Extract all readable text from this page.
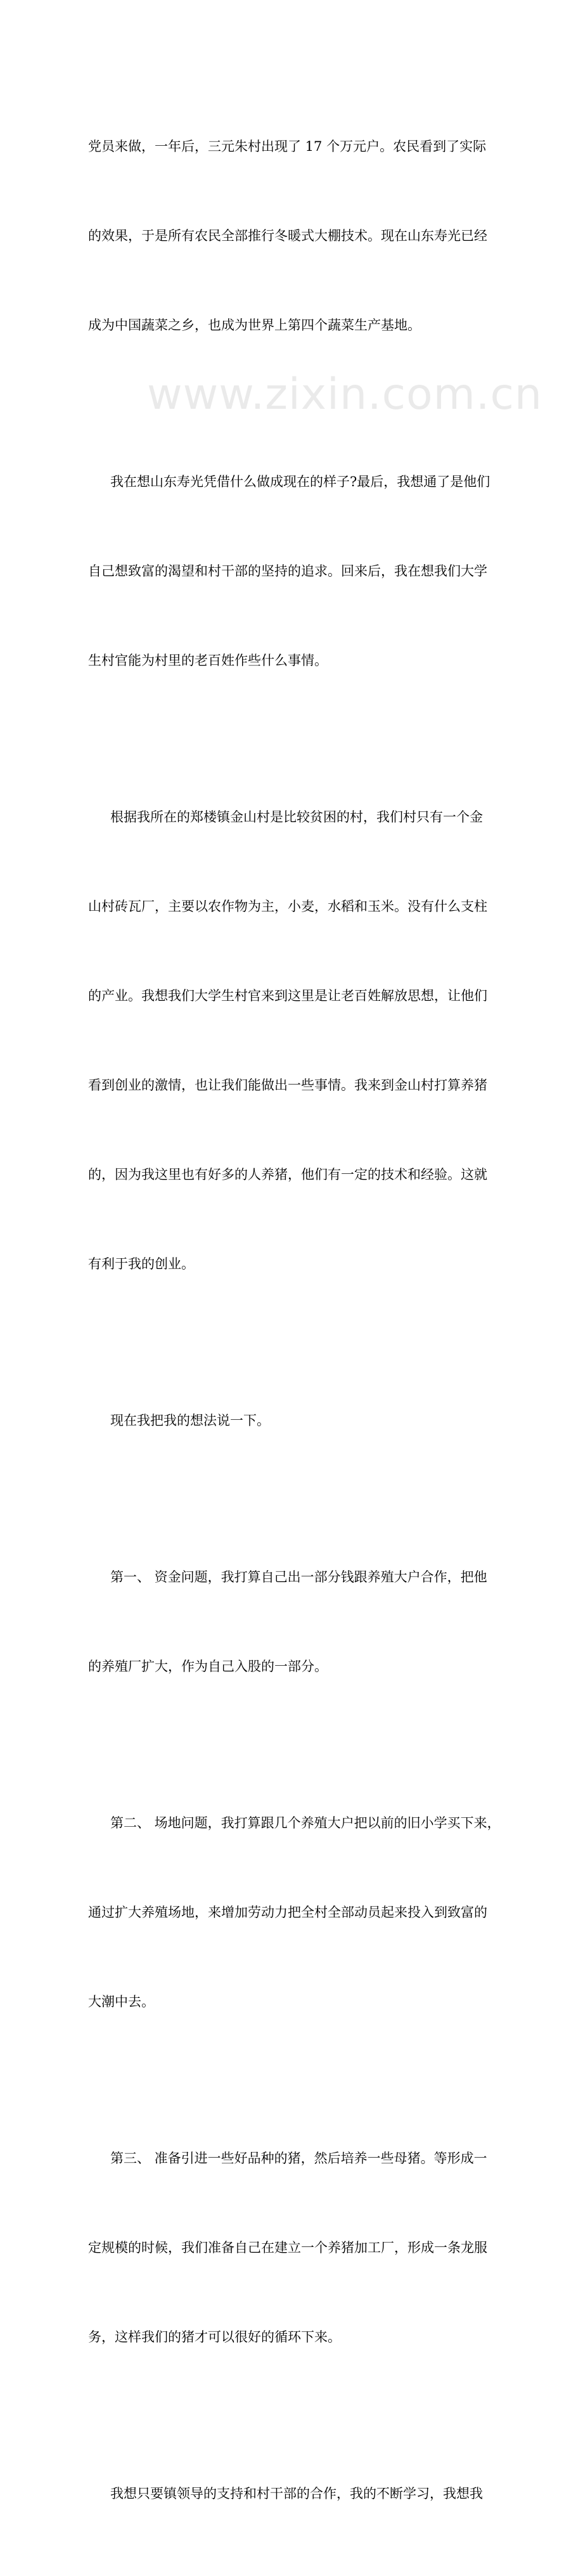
党员来做，一年后，三元朱村出现了 17 个万元户。农民看到了实际

的效果，于是所有农民全部推行冬暖式大棚技术。现在山东寿光已经

成为中国蔬菜之乡，也成为世界上第四个蔬菜生产基地。

我在想山东寿光凭借什么做成现在的样子?最后，我想通了是他们

自己想致富的渴望和村干部的坚持的追求。回来后，我在想我们大学

生村官能为村里的老百姓作些什么事情。

根据我所在的郑楼镇金山村是比较贫困的村，我们村只有一个金

山村砖瓦厂，主要以农作物为主，小麦，水稻和玉米。没有什么支柱

的产业。我想我们大学生村官来到这里是让老百姓解放思想，让他们

看到创业的激情，也让我们能做出一些事情。我来到金山村打算养猪

的，因为我这里也有好多的人养猪，他们有一定的技术和经验。这就

有利于我的创业。

现在我把我的想法说一下。

第一、 资金问题，我打算自己出一部分钱跟养殖大户合作，把他

的养殖厂扩大，作为自己入股的一部分。

第二、 场地问题，我打算跟几个养殖大户把以前的旧小学买下来，

通过扩大养殖场地，来增加劳动力把全村全部动员起来投入到致富的

大潮中去。

第三、 准备引进一些好品种的猪，然后培养一些母猪。等形成一

定规模的时候，我们准备自己在建立一个养猪加工厂，形成一条龙服

务，这样我们的猪才可以很好的循环下来。

我想只要镇领导的支持和村干部的合作，我的不断学习，我想我

www.zixin.com.cn
